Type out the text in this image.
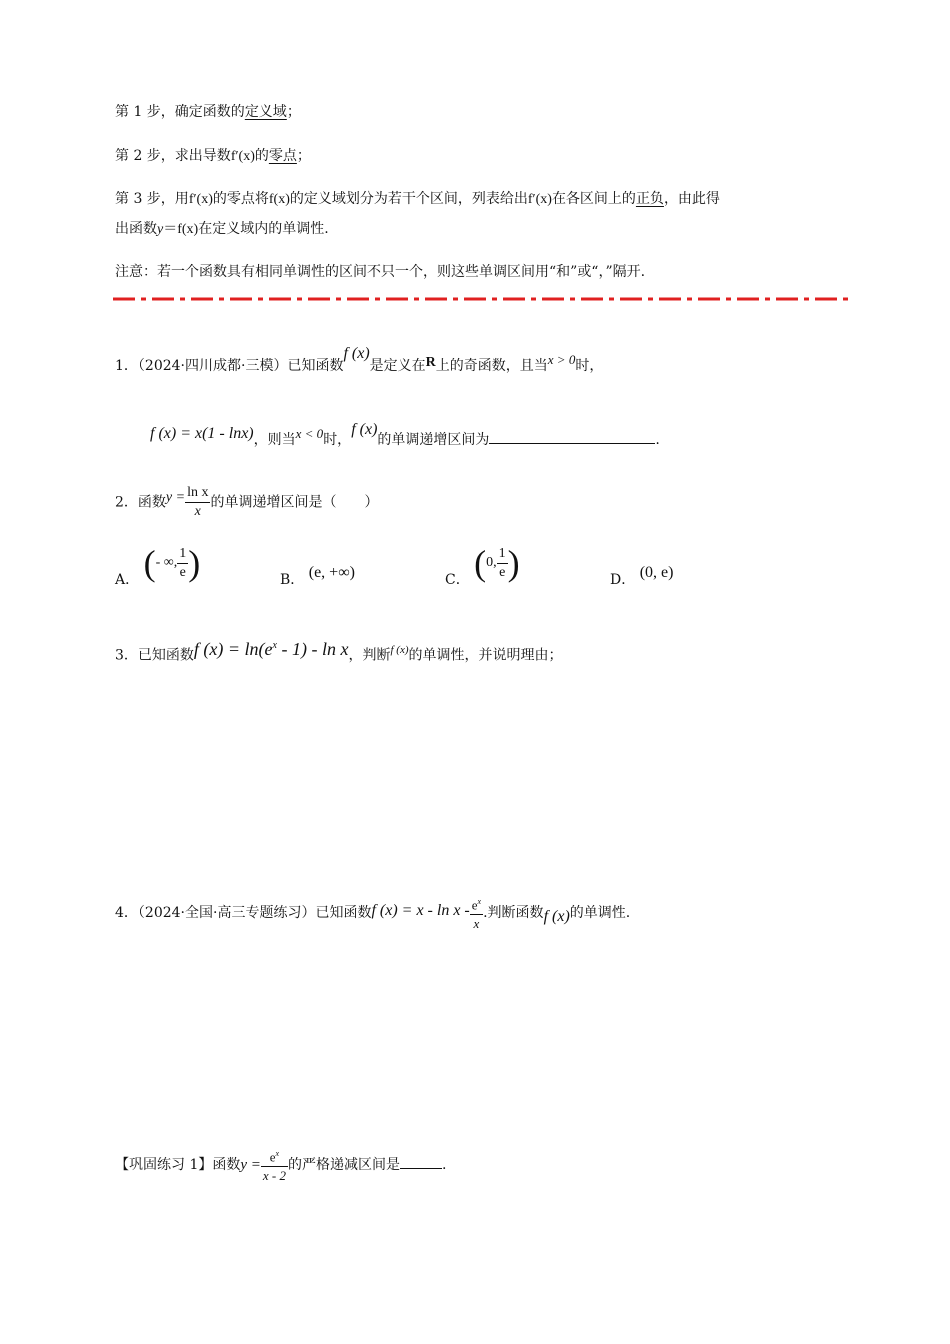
第 1 步，确定函数的定义域；
第 2 步，求出导数f′(x)的零点；
第 3 步，用f′(x)的零点将f(x)的定义域划分为若干个区间，列表给出f′(x)在各区间上的正负，由此得
出函数y＝f(x)在定义域内的单调性.
注意：若一个函数具有相同单调性的区间不只一个，则这些单调区间用“和”或“，”隔开.
1．（2024·四川成都·三模）已知函数f (x)是定义在R上的奇函数，且当x > 0时，
f (x) = x(1 - lnx)，则当x < 0时，f (x)的单调递增区间为	.
2．函数$y = \frac{\text{ln x}}{x}$ 的单调递增区间是（　　）
A． (- ∞, $\frac{1}{e}$ )	B． (e, +∞)	C． (0, $\frac{1}{e}$ )	D． (0, e)
3．已知函数f $(x) = \ln(e^x - 1) - \ln x$，判断$^{f (x)}$的单调性，并说明理由；
4．（2024·全国·高三专题练习）已知函数f $(x) = x - \ln x - \frac{e^x}{x}$ .判断函数f (x)的单调性.
【巩固练习 1】函数$y = \frac{e^x}{x - 2}$ 的严格递减区间是	.
